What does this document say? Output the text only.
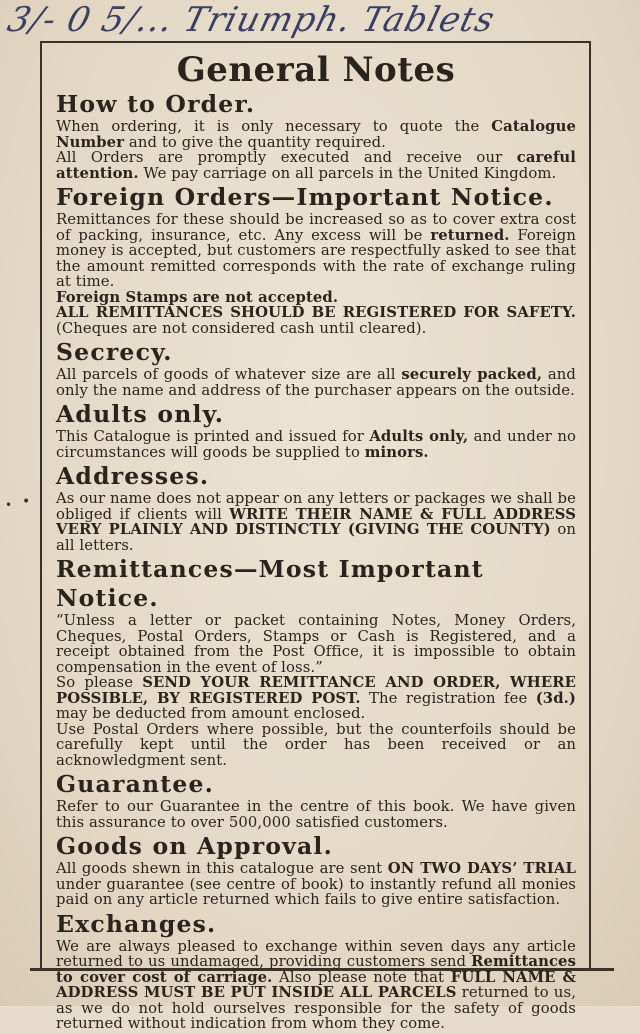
3/- 0 5/... Triumph. Tablets
• •
General Notes
How to Order.

When ordering, it is only necessary to quote the Catalogue Number and to give the quantity required.

All Orders are promptly executed and receive our careful attention. We pay carriage on all parcels in the United Kingdom.

Foreign Orders—Important Notice.

Remittances for these should be increased so as to cover extra cost of packing, insurance, etc. Any excess will be returned. Foreign money is accepted, but customers are respectfully asked to see that the amount remitted corresponds with the rate of exchange ruling at time.

Foreign Stamps are not accepted.

ALL REMITTANCES SHOULD BE REGISTERED FOR SAFETY. (Cheques are not considered cash until cleared).

Secrecy.

All parcels of goods of whatever size are all securely packed, and only the name and address of the purchaser appears on the outside.

Adults only.

This Catalogue is printed and issued for Adults only, and under no circumstances will goods be supplied to minors.

Addresses.

As our name does not appear on any letters or packages we shall be obliged if clients will WRITE THEIR NAME & FULL ADDRESS VERY PLAINLY AND DISTINCTLY (GIVING THE COUNTY) on all letters.

Remittances—Most Important Notice.

“Unless a letter or packet containing Notes, Money Orders, Cheques, Postal Orders, Stamps or Cash is Registered, and a receipt obtained from the Post Office, it is impossible to obtain compensation in the event of loss.”

So please SEND YOUR REMITTANCE AND ORDER, WHERE POSSIBLE, BY REGISTERED POST. The registration fee (3d.) may be deducted from amount enclosed.

Use Postal Orders where possible, but the counterfoils should be carefully kept until the order has been received or an acknowledgment sent.

Guarantee.

Refer to our Guarantee in the centre of this book. We have given this assurance to over 500,000 satisfied customers.

Goods on Approval.

All goods shewn in this catalogue are sent ON TWO DAYS’ TRIAL under guarantee (see centre of book) to instantly refund all monies paid on any article returned which fails to give entire satisfaction.

Exchanges.

We are always pleased to exchange within seven days any article returned to us undamaged, providing customers send Remittances to cover cost of carriage. Also please note that FULL NAME & ADDRESS MUST BE PUT INSIDE ALL PARCELS returned to us, as we do not hold ourselves responsible for the safety of goods returned without indication from whom they come.
